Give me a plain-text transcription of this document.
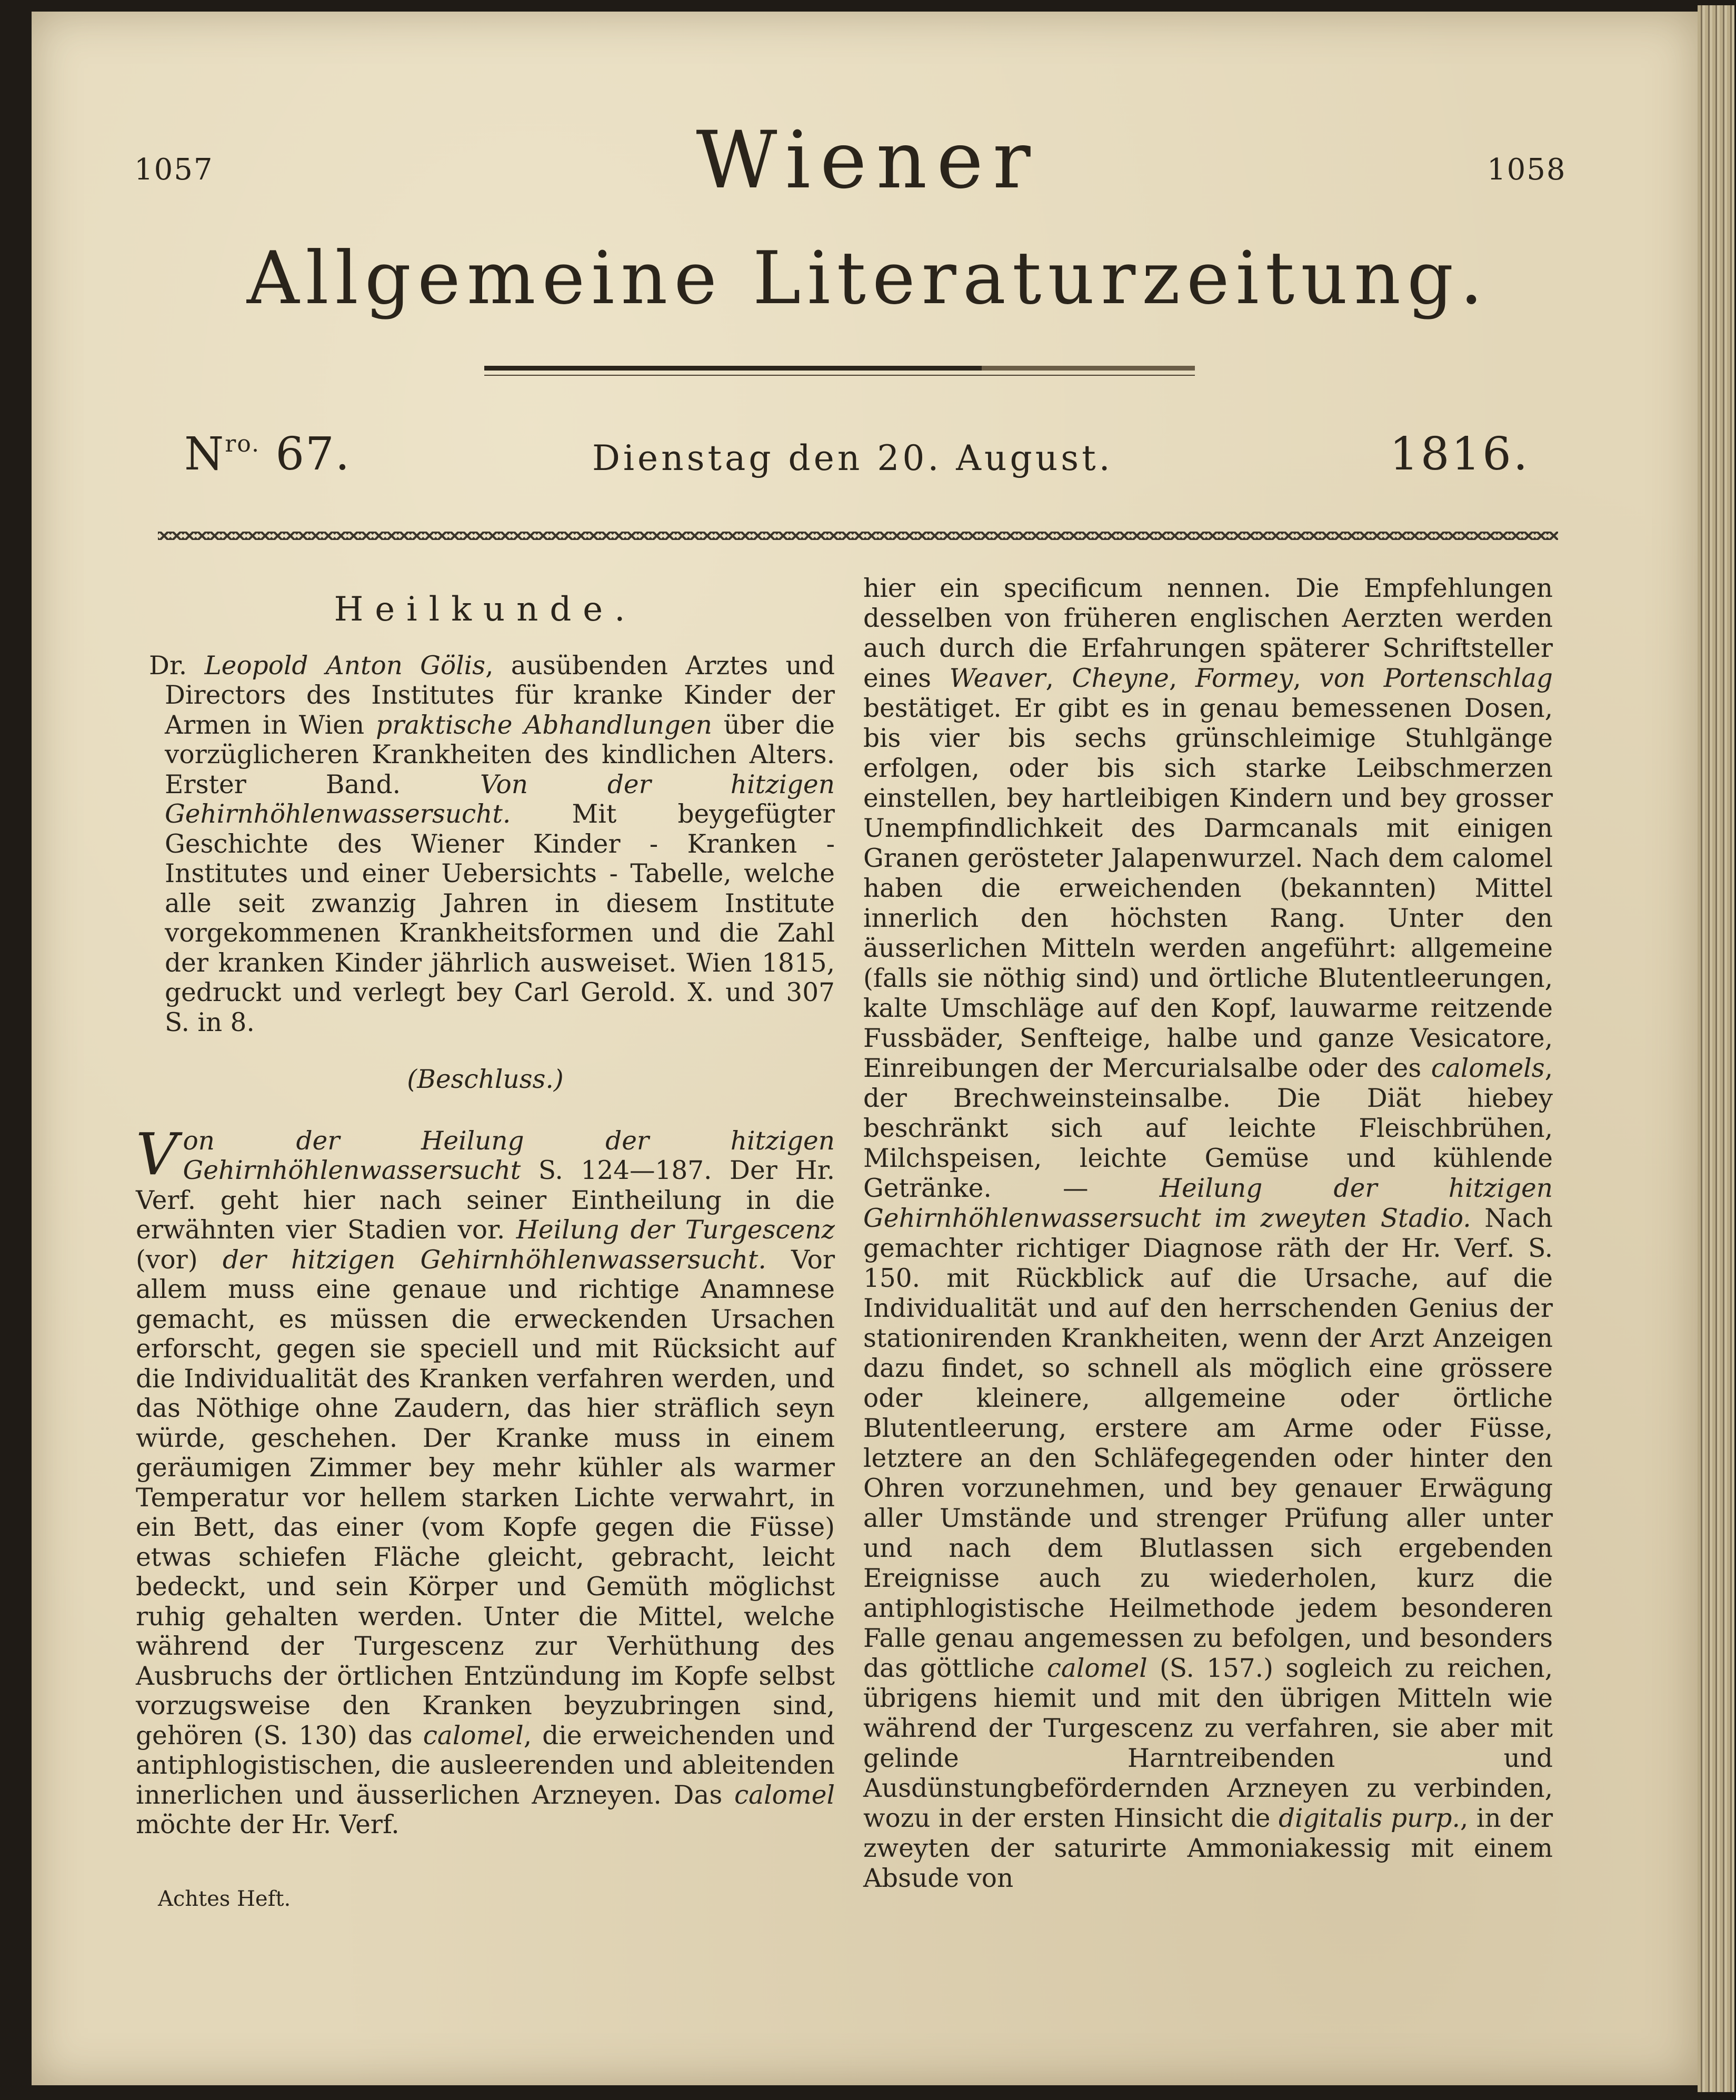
1057	1058
Wiener
Allgemeine Literaturzeitung.
$N^{ro.}$ 67.	Dienstag den 20. August.	1816.
Heilkunde.

Dr. Leopold Anton Gölis, ausübenden Arztes und Directors des Institutes für kranke Kinder der Armen in Wien praktische Abhandlungen über die vorzüglicheren Krankheiten des kindlichen Alters. Erster Band. Von der hitzigen Gehirnhöhlenwassersucht. Mit beygefügter Geschichte des Wiener Kinder - Kranken - Institutes und einer Uebersichts - Tabelle, welche alle seit zwanzig Jahren in diesem Institute vorgekommenen Krankheitsformen und die Zahl der kranken Kinder jährlich ausweiset. Wien 1815, gedruckt und verlegt bey Carl Gerold. X. und 307 S. in 8.

(Beschluss.)

Von der Heilung der hitzigen Gehirnhöhlenwassersucht S. 124—187. Der Hr. Verf. geht hier nach seiner Eintheilung in die erwähnten vier Stadien vor. Heilung der Turgescenz (vor) der hitzigen Gehirnhöhlenwassersucht. Vor allem muss eine genaue und richtige Anamnese gemacht, es müssen die erweckenden Ursachen erforscht, gegen sie speciell und mit Rücksicht auf die Individualität des Kranken verfahren werden, und das Nöthige ohne Zaudern, das hier sträflich seyn würde, geschehen. Der Kranke muss in einem geräumigen Zimmer bey mehr kühler als warmer Temperatur vor hellem starken Lichte verwahrt, in ein Bett, das einer (vom Kopfe gegen die Füsse) etwas schiefen Fläche gleicht, gebracht, leicht bedeckt, und sein Körper und Gemüth möglichst ruhig gehalten werden. Unter die Mittel, welche während der Turgescenz zur Verhüthung des Ausbruchs der örtlichen Entzündung im Kopfe selbst vorzugsweise den Kranken beyzubringen sind, gehören (S. 130) das calomel, die erweichenden und antiphlogistischen, die ausleerenden und ableitenden innerlichen und äusserlichen Arzneyen. Das calomel möchte der Hr. Verf.

hier ein specificum nennen. Die Empfehlungen desselben von früheren englischen Aerzten werden auch durch die Erfahrungen späterer Schriftsteller eines Weaver, Cheyne, Formey, von Portenschlag bestätiget. Er gibt es in genau bemessenen Dosen, bis vier bis sechs grünschleimige Stuhlgänge erfolgen, oder bis sich starke Leibschmerzen einstellen, bey hartleibigen Kindern und bey grosser Unempfindlichkeit des Darmcanals mit einigen Granen gerösteter Jalapenwurzel. Nach dem calomel haben die erweichenden (bekannten) Mittel innerlich den höchsten Rang. Unter den äusserlichen Mitteln werden angeführt: allgemeine (falls sie nöthig sind) und örtliche Blutentleerungen, kalte Umschläge auf den Kopf, lauwarme reitzende Fussbäder, Senfteige, halbe und ganze Vesicatore, Einreibungen der Mercurialsalbe oder des calomels, der Brechweinsteinsalbe. Die Diät hiebey beschränkt sich auf leichte Fleischbrühen, Milchspeisen, leichte Gemüse und kühlende Getränke. — Heilung der hitzigen Gehirnhöhlenwassersucht im zweyten Stadio. Nach gemachter richtiger Diagnose räth der Hr. Verf. S. 150. mit Rückblick auf die Ursache, auf die Individualität und auf den herrschenden Genius der stationirenden Krankheiten, wenn der Arzt Anzeigen dazu findet, so schnell als möglich eine grössere oder kleinere, allgemeine oder örtliche Blutentleerung, erstere am Arme oder Füsse, letztere an den Schläfegegenden oder hinter den Ohren vorzunehmen, und bey genauer Erwägung aller Umstände und strenger Prüfung aller unter und nach dem Blutlassen sich ergebenden Ereignisse auch zu wiederholen, kurz die antiphlogistische Heilmethode jedem besonderen Falle genau angemessen zu befolgen, und besonders das göttliche calomel (S. 157.) sogleich zu reichen, übrigens hiemit und mit den übrigen Mitteln wie während der Turgescenz zu verfahren, sie aber mit gelinde Harntreibenden und Ausdünstungbefördernden Arzneyen zu verbinden, wozu in der ersten Hinsicht die digitalis purp., in der zweyten der saturirte Ammoniakessig mit einem Absude von

Achtes Heft.
